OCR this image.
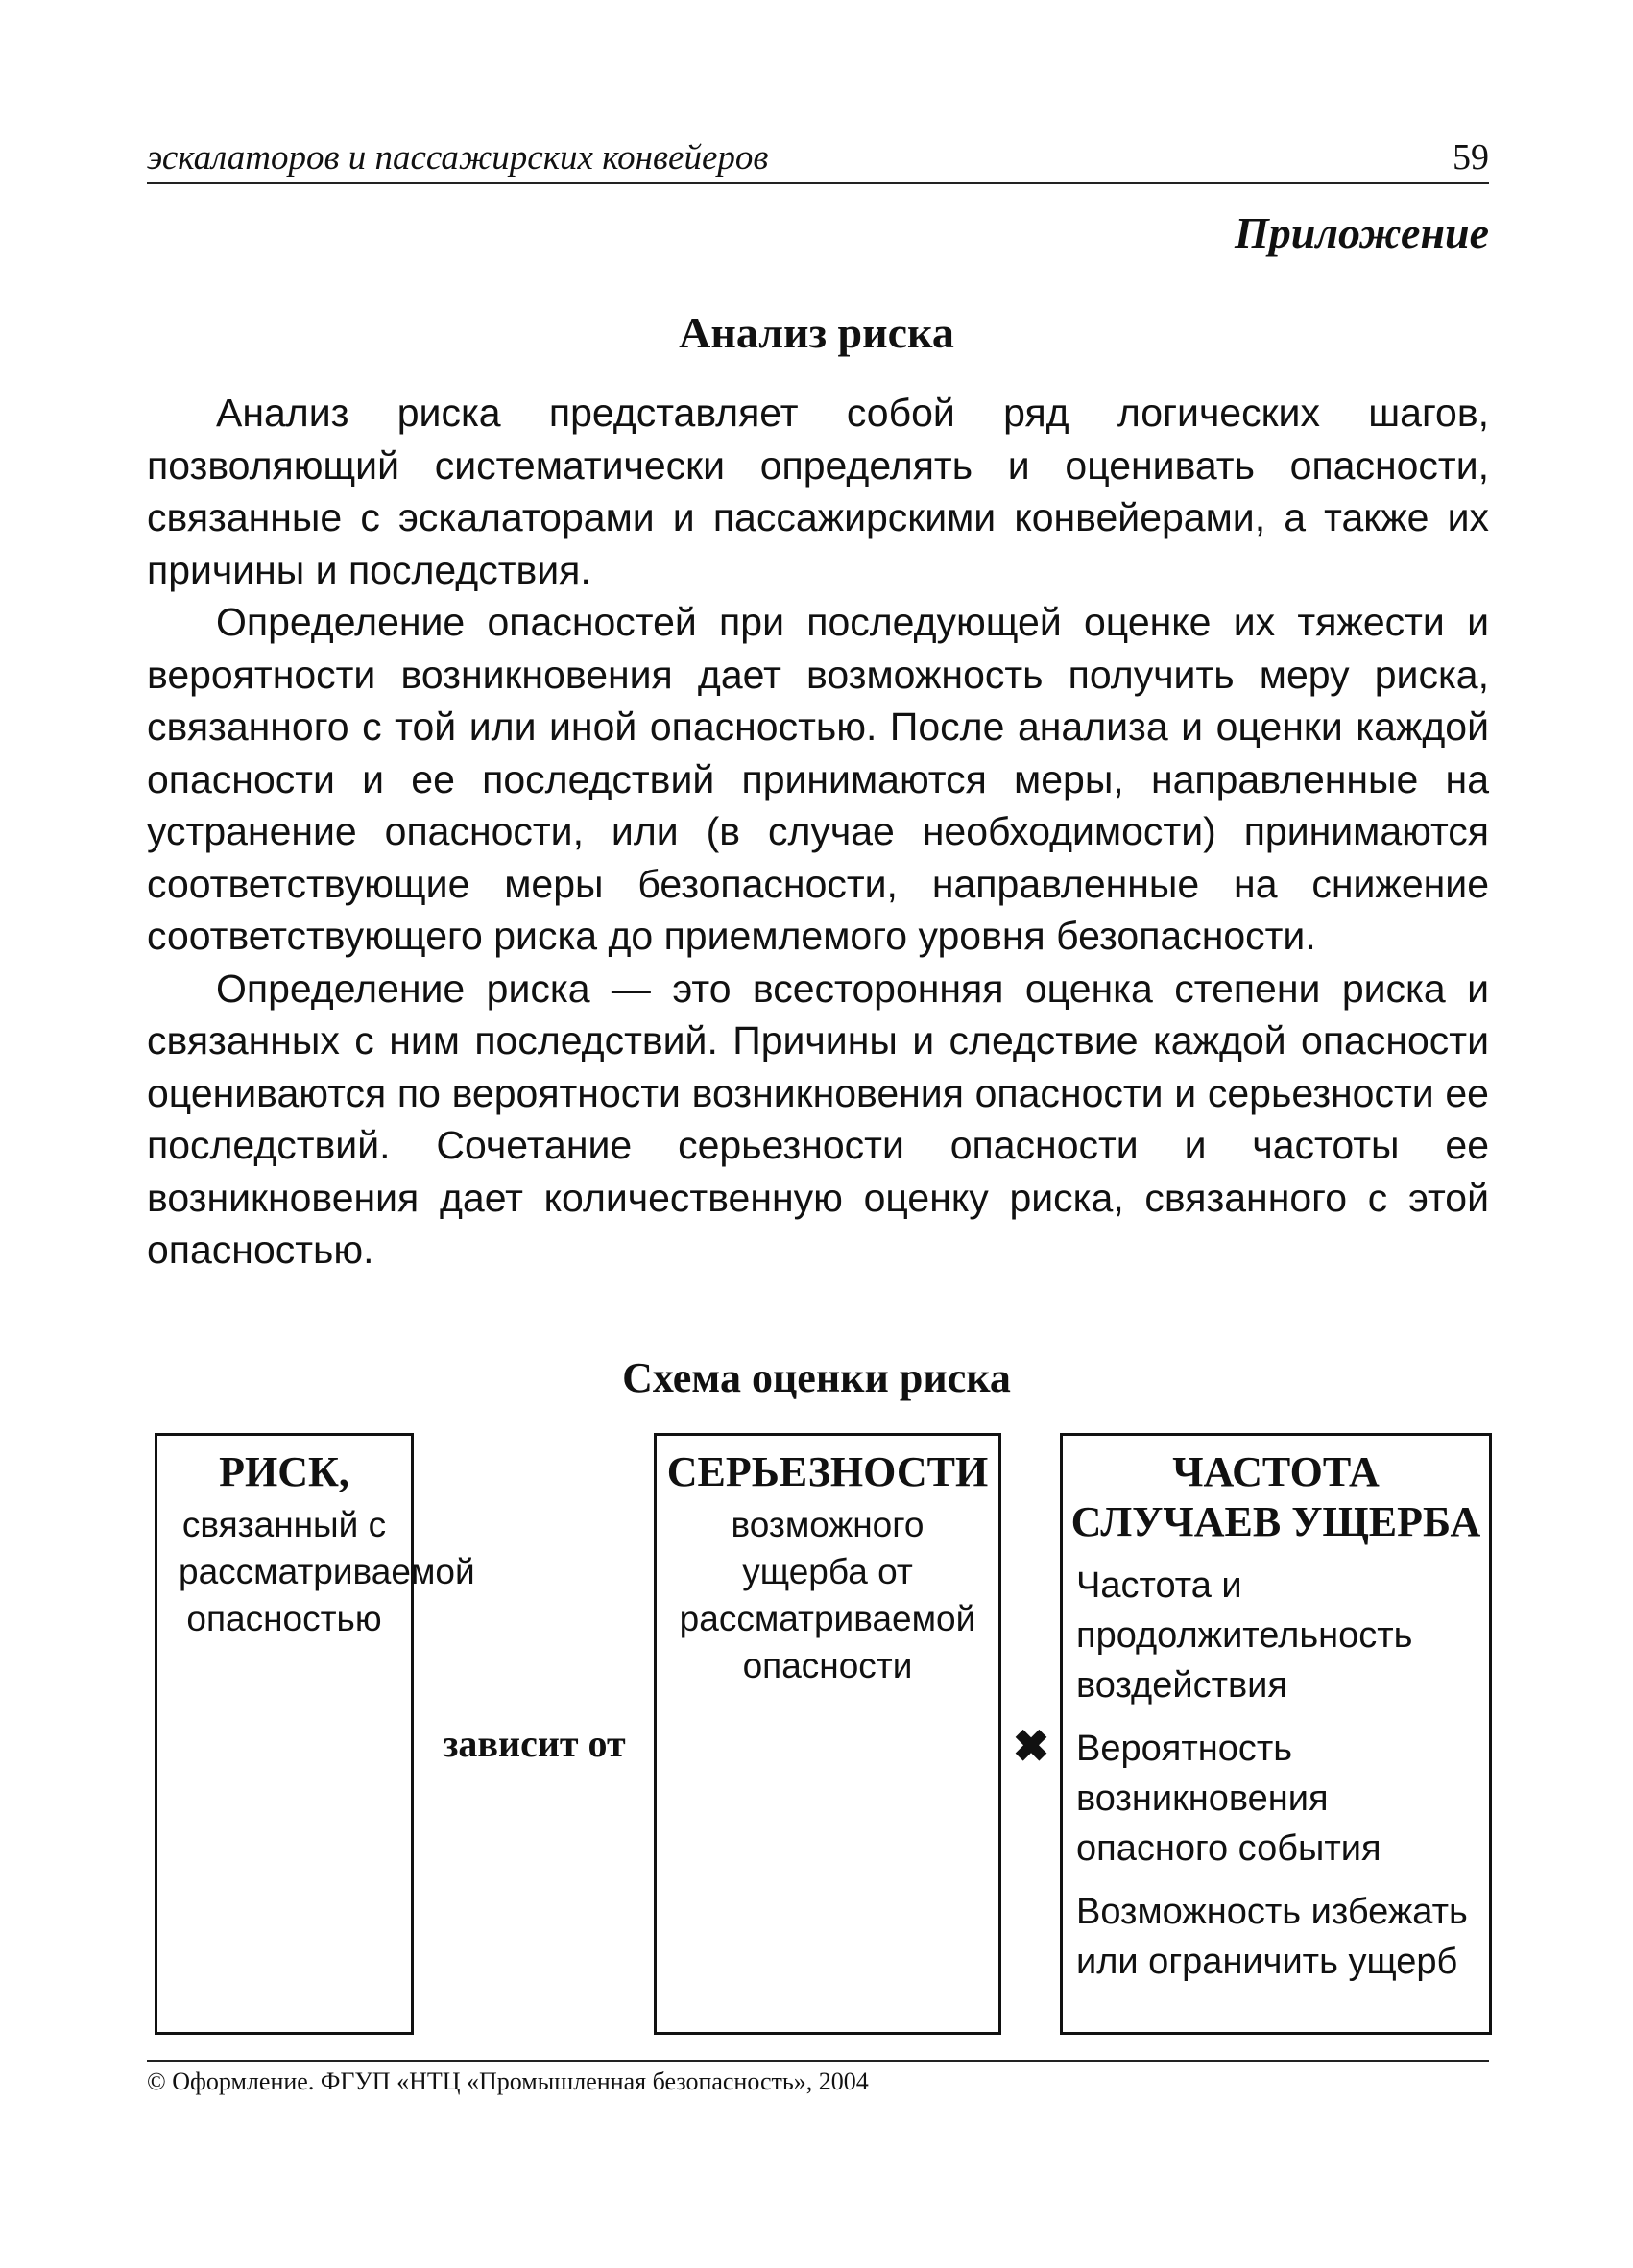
эскалаторов и пассажирских конвейеров	59
Приложение
Анализ риска

Анализ риска представляет собой ряд логических шагов, позволяющий систематически определять и оценивать опасности, связанные с эскалаторами и пассажирскими конвейерами, а также их причины и последствия.

Определение опасностей при последующей оценке их тяжести и вероятности возникновения дает возможность получить меру риска, связанного с той или иной опасностью. После анализа и оценки каждой опасности и ее последствий принимаются меры, направленные на устранение опасности, или (в случае необходимости) принимаются соответствующие меры безопасности, направленные на снижение соответствующего риска до приемлемого уровня безопасности.

Определение риска — это всесторонняя оценка степени риска и связанных с ним последствий. Причины и следствие каждой опасности оцениваются по вероятности возникновения опасности и серьезности ее последствий. Сочетание серьезности опасности и частоты ее возникновения дает количественную оценку риска, связанного с этой опасностью.

Схема оценки риска
РИСК,
связанный с рассматриваемой опасностью
зависит от
СЕРЬЕЗНОСТИ
возможного ущерба от рассматриваемой опасности
✖
ЧАСТОТА СЛУЧАЕВ УЩЕРБА
Частота и продолжительность воздействия
Вероятность возникновения опасного события
Возможность избежать или ограничить ущерб
© Оформление. ФГУП «НТЦ «Промышленная безопасность», 2004
